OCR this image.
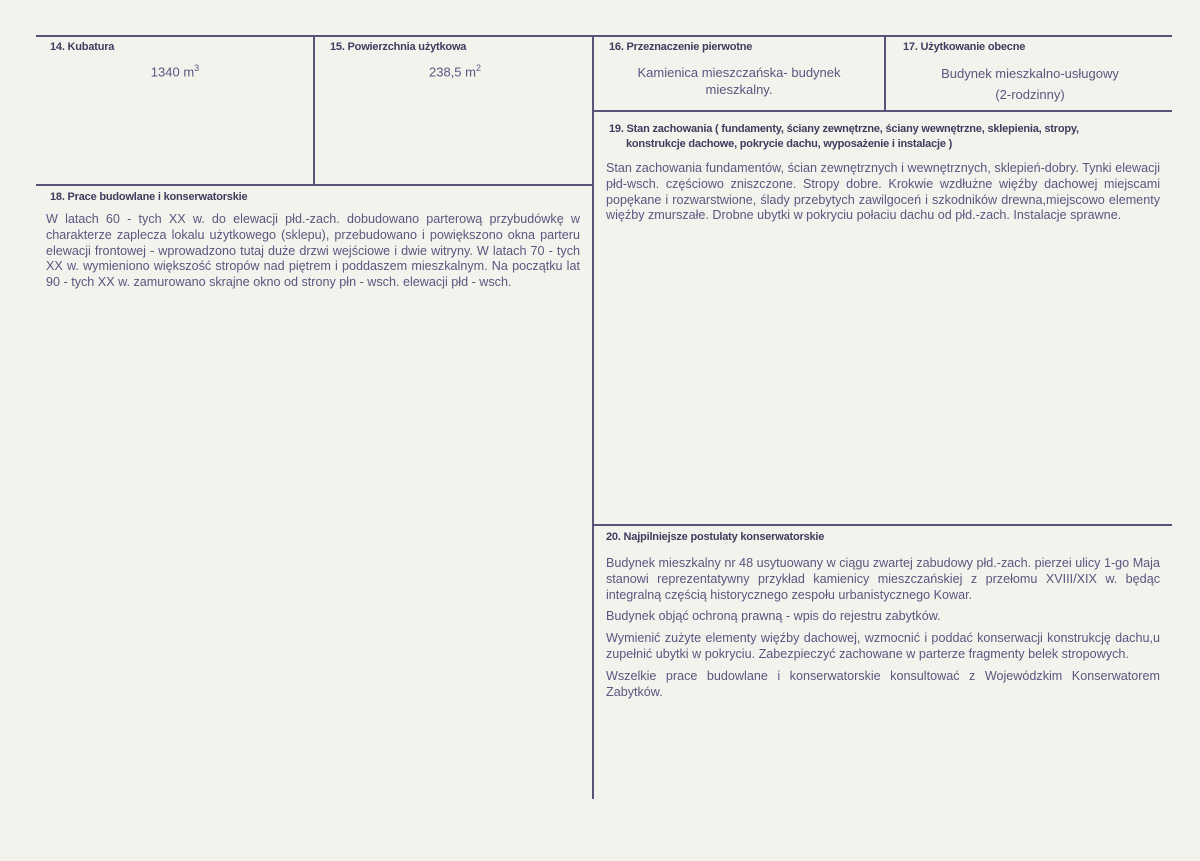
14. Kubatura
1340 $m^3$
15. Powierzchnia użytkowa
238,5 $m^2$
16. Przeznaczenie pierwotne
Kamienica mieszczańska- budynek
mieszkalny.
17. Użytkowanie obecne
Budynek mieszkalno-usługowy
(2-rodzinny)
18. Prace budowlane i konserwatorskie
W latach 60 - tych XX w. do elewacji płd.-zach. dobudowano parterową przybudówkę w charakterze zaplecza lokalu użytkowego (sklepu), przebudowano i powiększono okna parteru elewacji frontowej - wprowadzono tutaj duże drzwi wejściowe i dwie witryny. W latach 70 - tych XX w. wymieniono większość stropów nad piętrem i poddaszem mieszkalnym. Na początku lat 90 - tych XX w. zamurowano skrajne okno od strony płn - wsch. elewacji płd - wsch.
19. Stan zachowania ( fundamenty, ściany zewnętrzne, ściany wewnętrzne, sklepienia, stropy,
konstrukcje dachowe, pokrycie dachu, wyposażenie i instalacje )
Stan zachowania fundamentów, ścian zewnętrznych i wewnętrznych, sklepień-dobry. Tynki elewacji płd-wsch. częściowo zniszczone. Stropy dobre. Krokwie wzdłużne więźby dachowej miejscami popękane i rozwarstwione, ślady przebytych zawilgoceń i szkodników drewna,miejscowo elementy więźby zmurszałe. Drobne ubytki w pokryciu połaciu dachu od płd.-zach. Instalacje sprawne.
20. Najpilniejsze postulaty konserwatorskie

Budynek mieszkalny nr 48 usytuowany w ciągu zwartej zabudowy płd.-zach. pierzei ulicy 1-go Maja stanowi reprezentatywny przykład kamienicy mieszczańskiej z przełomu XVIII/XIX w. będąc integralną częścią historycznego zespołu urbanistycznego Kowar.

Budynek objąć ochroną prawną - wpis do rejestru zabytków.

Wymienić zużyte elementy więźby dachowej, wzmocnić i poddać konserwacji konstrukcję dachu,u zupełnić ubytki w pokryciu. Zabezpieczyć zachowane w parterze fragmenty belek stropowych.

Wszelkie prace budowlane i konserwatorskie konsultować z Wojewódzkim Konserwatorem Zabytków.
